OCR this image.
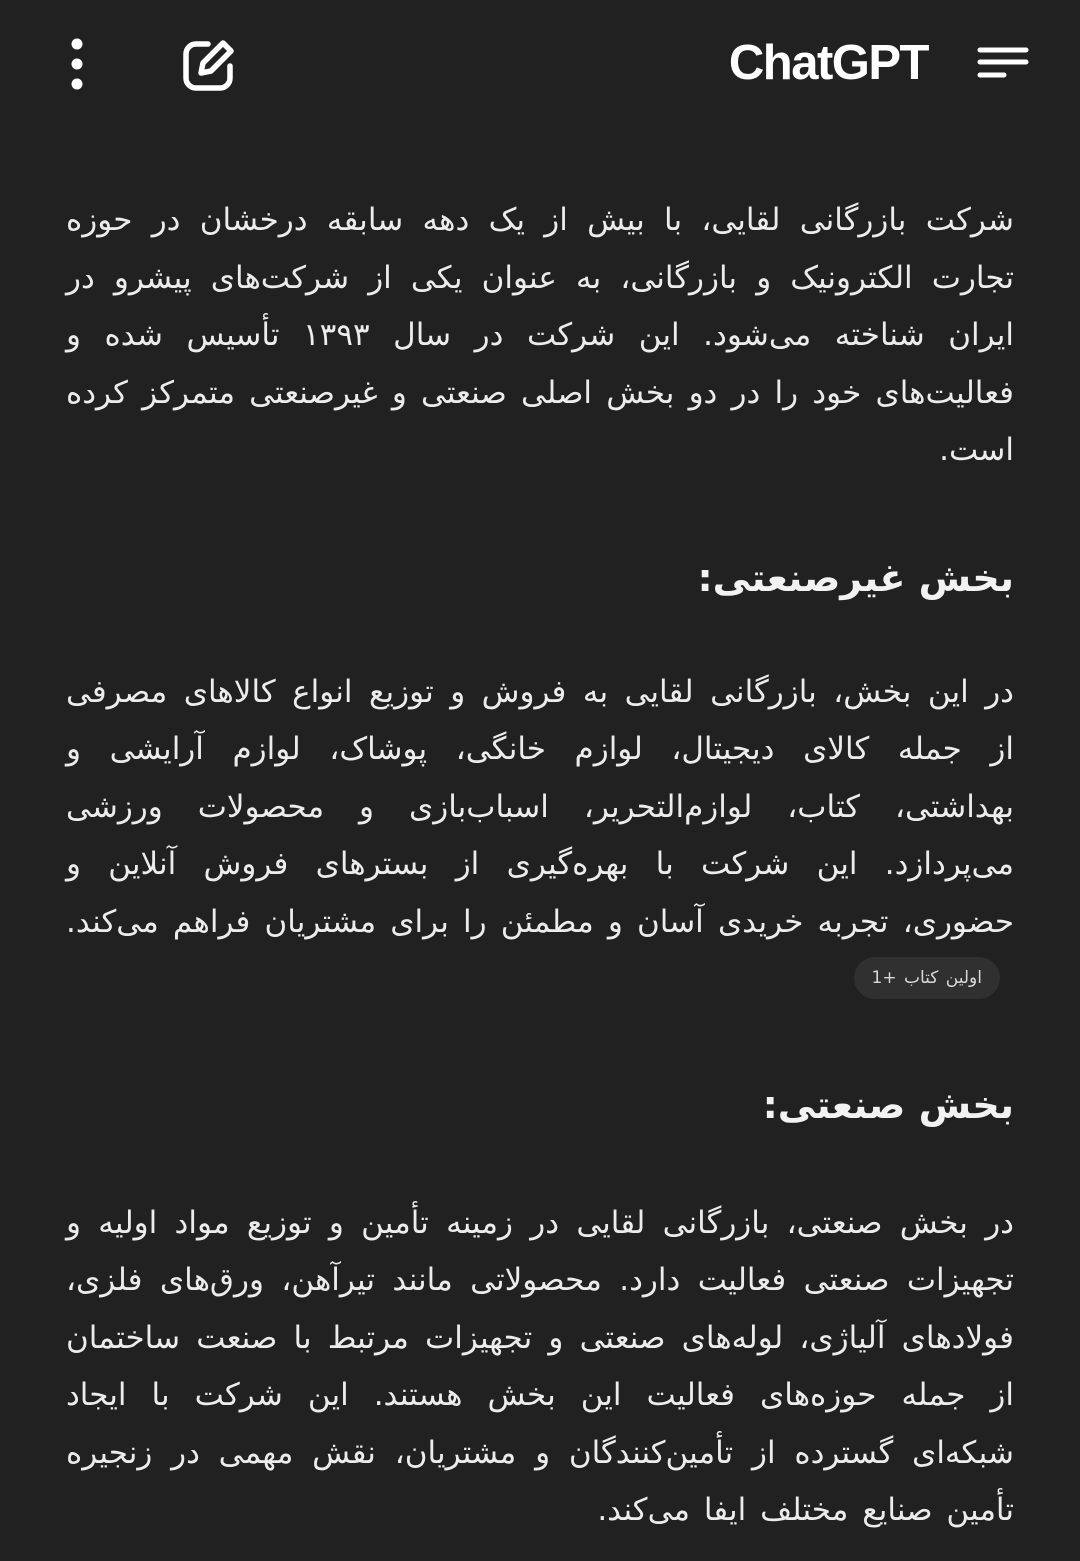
ChatGPT

شرکت بازرگانی لقایی، با بیش از یک دهه سابقه درخشان در حوزه تجارت الکترونیک و بازرگانی، به عنوان یکی از شرکت‌های پیشرو در ایران شناخته می‌شود. این شرکت در سال ۱۳۹۳ تأسیس شده و فعالیت‌های خود را در دو بخش اصلی صنعتی و غیرصنعتی متمرکز کرده است.

بخش غیرصنعتی:

در این بخش، بازرگانی لقایی به فروش و توزیع انواع کالاهای مصرفی از جمله کالای دیجیتال، لوازم خانگی، پوشاک، لوازم آرایشی و بهداشتی، کتاب، لوازم‌التحریر، اسباب‌بازی و محصولات ورزشی می‌پردازد. این شرکت با بهره‌گیری از بسترهای فروش آنلاین و حضوری، تجربه خریدی آسان و مطمئن را برای مشتریان فراهم می‌کند.اولین کتاب +1

بخش صنعتی:

در بخش صنعتی، بازرگانی لقایی در زمینه تأمین و توزیع مواد اولیه و تجهیزات صنعتی فعالیت دارد. محصولاتی مانند تیرآهن، ورق‌های فلزی، فولادهای آلیاژی، لوله‌های صنعتی و تجهیزات مرتبط با صنعت ساختمان از جمله حوزه‌های فعالیت این بخش هستند. این شرکت با ایجاد شبکه‌ای گسترده از تأمین‌کنندگان و مشتریان، نقش مهمی در زنجیره تأمین صنایع مختلف ایفا می‌کند.
